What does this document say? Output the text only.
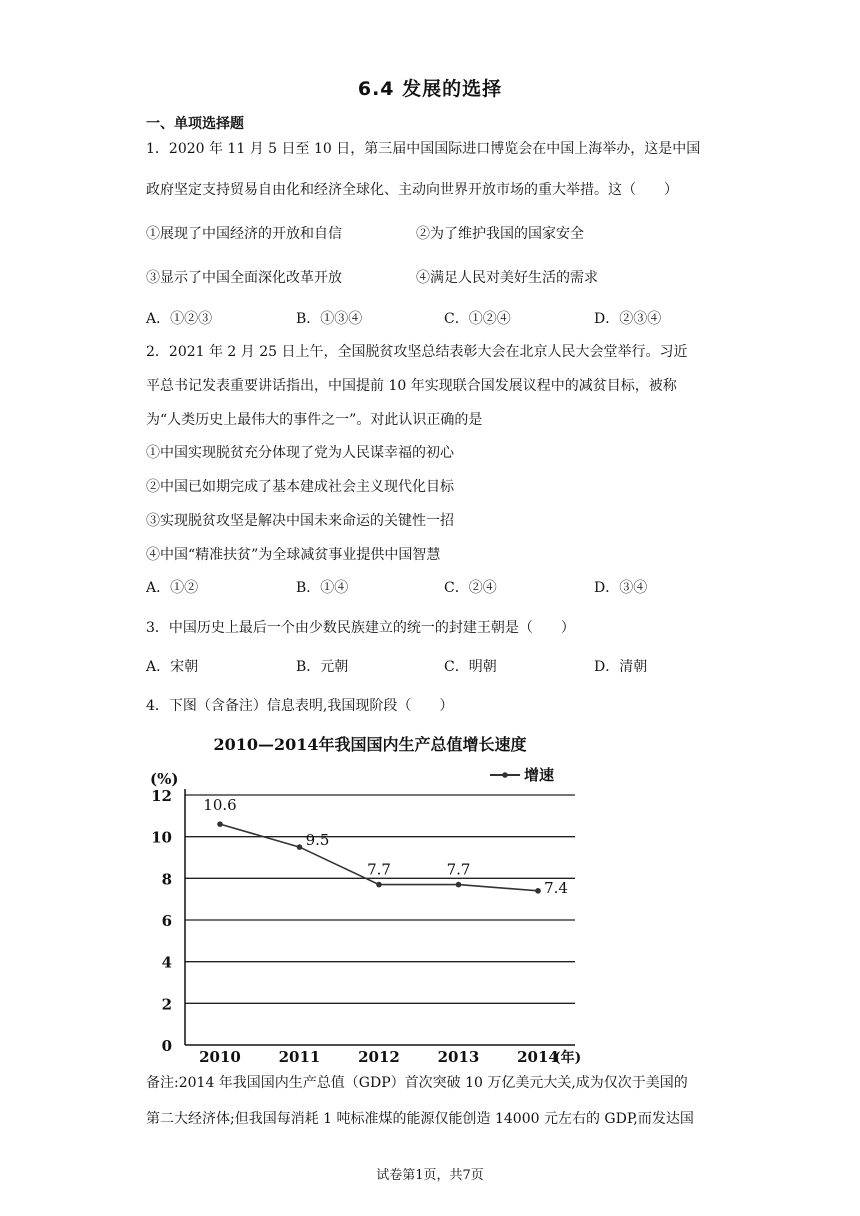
6.4 发展的选择
一、单项选择题
1．2020 年 11 月 5 日至 10 日，第三届中国国际进口博览会在中国上海举办，这是中国
政府坚定支持贸易自由化和经济全球化、主动向世界开放市场的重大举措。这（　　）
①展现了中国经济的开放和自信	②为了维护我国的国家安全
③显示了中国全面深化改革开放	④满足人民对美好生活的需求
A．①②③	B．①③④	C．①②④	D．②③④
2．2021 年 2 月 25 日上午，全国脱贫攻坚总结表彰大会在北京人民大会堂举行。习近
平总书记发表重要讲话指出，中国提前 10 年实现联合国发展议程中的减贫目标，被称
为“人类历史上最伟大的事件之一”。对此认识正确的是
①中国实现脱贫充分体现了党为人民谋幸福的初心
②中国已如期完成了基本建成社会主义现代化目标
③实现脱贫攻坚是解决中国未来命运的关键性一招
④中国“精准扶贫”为全球减贫事业提供中国智慧
A．①②	B．①④	C．②④	D．③④
3．中国历史上最后一个由少数民族建立的统一的封建王朝是（　　）
A．宋朝	B．元朝	C．明朝	D．清朝
4．下图（含备注）信息表明,我国现阶段（　　）
2010—2014年我国国内生产总值增长速度
0
2
4
6
8
10
12
(%)
2010	2011	2012	2013	2014
(年)
增速
10.6
9.5
7.7	7.7
7.4
备注:2014 年我国国内生产总值（GDP）首次突破 10 万亿美元大关,成为仅次于美国的
第二大经济体;但我国每消耗 1 吨标准煤的能源仅能创造 14000 元左右的 GDP,而发达国
试卷第1页，共7页
